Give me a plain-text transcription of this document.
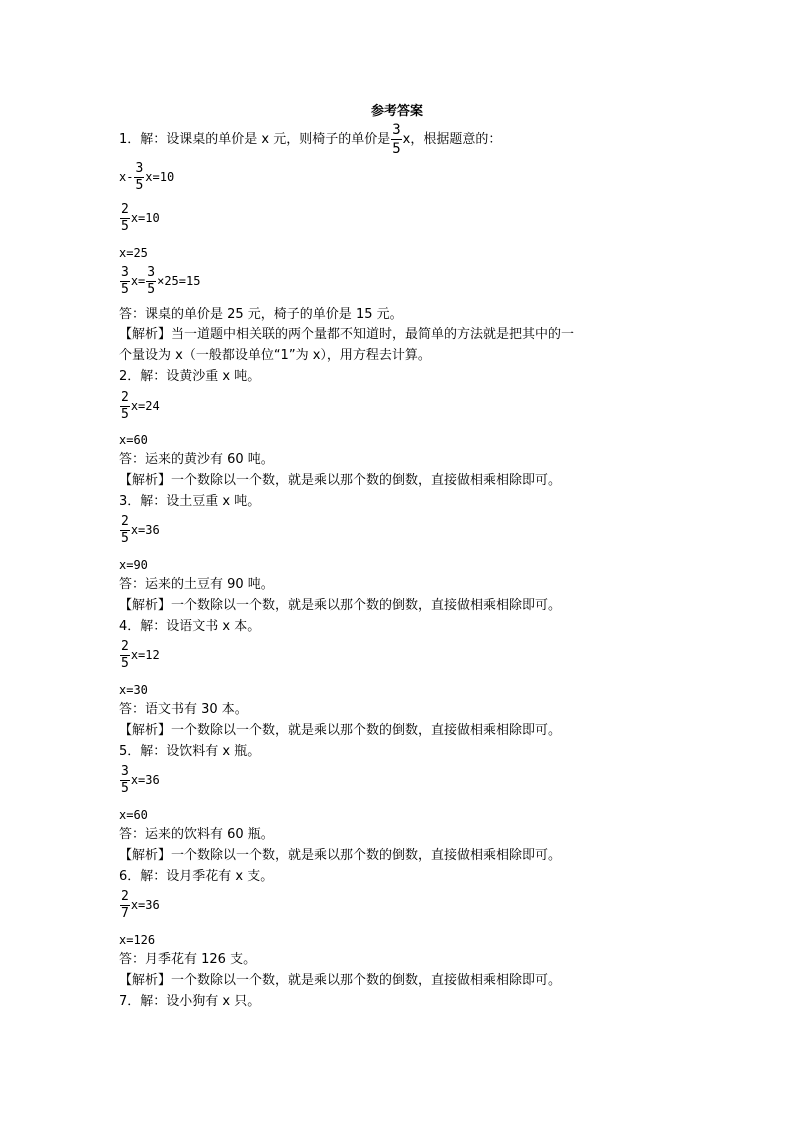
参考答案
1．解：设课桌的单价是 x 元，则椅子的单价是 $\frac{3}{5}$ x，根据题意的：
$x- \frac{3}{5} x=10$
$\frac{2}{5} x=10$
x=25
$\frac{3}{5} x= \frac{3}{5} \times 25=15$
答：课桌的单价是 25 元，椅子的单价是 15 元。
【解析】当一道题中相关联的两个量都不知道时，最简单的方法就是把其中的一
个量设为 x（一般都设单位“1”为 x），用方程去计算。
2．解：设黄沙重 x 吨。
$\frac{2}{5} x=24$
x=60
答：运来的黄沙有 60 吨。
【解析】一个数除以一个数，就是乘以那个数的倒数，直接做相乘相除即可。
3．解：设土豆重 x 吨。
$\frac{2}{5} x=36$
x=90
答：运来的土豆有 90 吨。
【解析】一个数除以一个数，就是乘以那个数的倒数，直接做相乘相除即可。
4．解：设语文书 x 本。
$\frac{2}{5} x=12$
x=30
答：语文书有 30 本。
【解析】一个数除以一个数，就是乘以那个数的倒数，直接做相乘相除即可。
5．解：设饮料有 x 瓶。
$\frac{3}{5} x=36$
x=60
答：运来的饮料有 60 瓶。
【解析】一个数除以一个数，就是乘以那个数的倒数，直接做相乘相除即可。
6．解：设月季花有 x 支。
$\frac{2}{7} x=36$
x=126
答：月季花有 126 支。
【解析】一个数除以一个数，就是乘以那个数的倒数，直接做相乘相除即可。
7．解：设小狗有 x 只。
